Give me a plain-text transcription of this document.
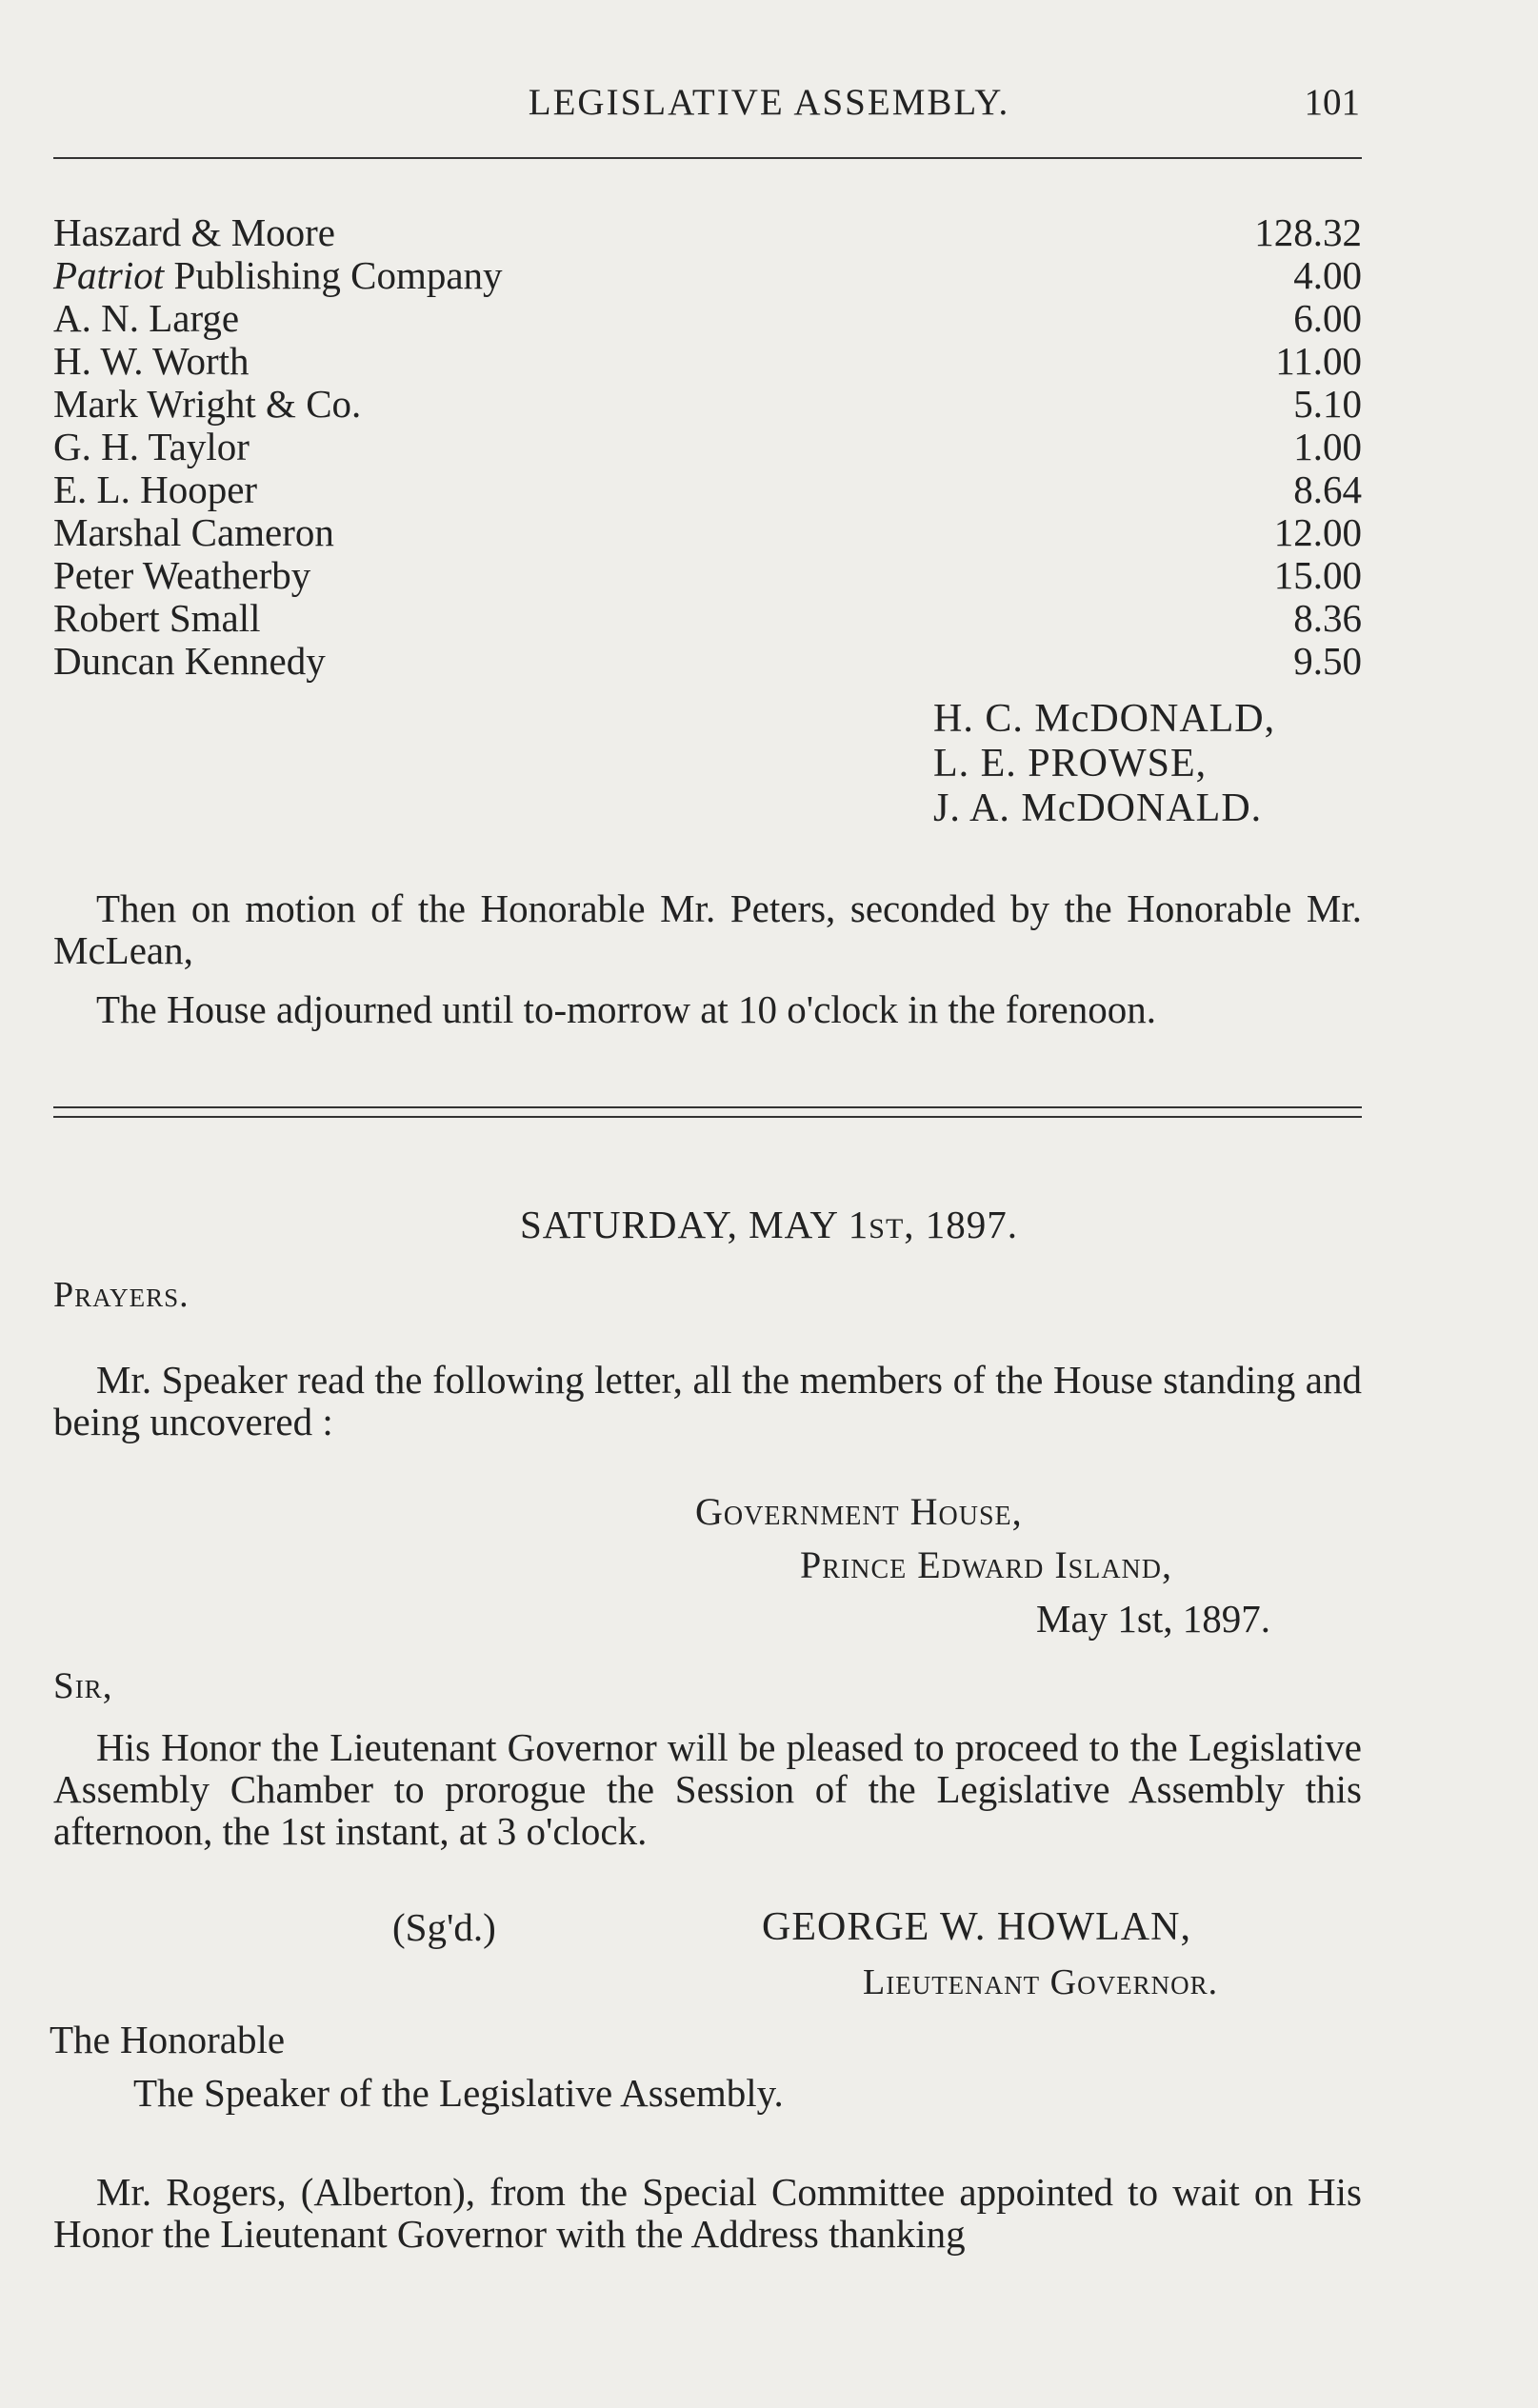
LEGISLATIVE ASSEMBLY.	101
Haszard & Moore	128.32
Patriot Publishing Company	4.00
A. N. Large	6.00
H. W. Worth	11.00
Mark Wright & Co.	5.10
G. H. Taylor	1.00
E. L. Hooper	8.64
Marshal Cameron	12.00
Peter Weatherby	15.00
Robert Small	8.36
Duncan Kennedy	9.50
H. C. McDONALD,
L. E. PROWSE,
J. A. McDONALD.
Then on motion of the Honorable Mr. Peters, seconded by the Honorable Mr. McLean,
The House adjourned until to-morrow at 10 o'clock in the forenoon.
SATURDAY, MAY 1ST, 1897.
Prayers.
Mr. Speaker read the following letter, all the members of the House standing and being uncovered :
Government House,
Prince Edward Island,
May 1st, 1897.
Sir,
His Honor the Lieutenant Governor will be pleased to proceed to the Legislative Assembly Chamber to prorogue the Session of the Legislative Assembly this afternoon, the 1st instant, at 3 o'clock.
(Sg'd.)	GEORGE W. HOWLAN,
Lieutenant Governor.
The Honorable
The Speaker of the Legislative Assembly.
Mr. Rogers, (Alberton), from the Special Committee appointed to wait on His Honor the Lieutenant Governor with the Address thanking
